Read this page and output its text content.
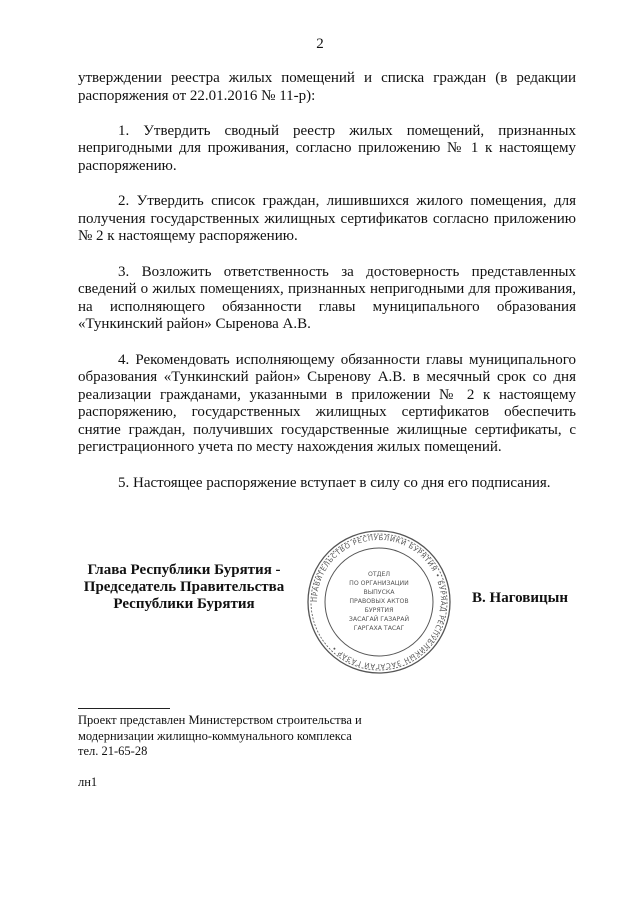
2

утверждении реестра жилых помещений и списка граждан (в редакции распоряжения от 22.01.2016 № 11-р):

1. Утвердить сводный реестр жилых помещений, признанных непригодными для проживания, согласно приложению № 1 к настоящему распоряжению.

2. Утвердить список граждан, лишившихся жилого помещения, для получения государственных жилищных сертификатов согласно приложению № 2 к настоящему распоряжению.

3. Возложить ответственность за достоверность представленных сведений о жилых помещениях, признанных непригодными для проживания, на исполняющего обязанности главы муниципального образования «Тункинский район» Сыренова А.В.

4. Рекомендовать исполняющему обязанности главы муниципального образования «Тункинский район» Сыренову А.В. в месячный срок со дня реализации гражданами, указанными в приложении № 2 к настоящему распоряжению, государственных жилищных сертификатов обеспечить снятие граждан, получивших государственные жилищные сертификаты, с регистрационного учета по месту нахождения жилых помещений.

5. Настоящее распоряжение вступает в силу со дня его подписания.

Глава Республики Бурятия -
Председатель Правительства
Республики Бурятия	В. Наговицын
ПРАВИТЕЛЬСТВО РЕСПУБЛИКИ БУРЯТИЯ • БУРЯАД РЕСПУБЛИКЫН ЗАСАГАЙ ГАЗАР •
ОТДЕЛ
ПО ОРГАНИЗАЦИИ
ВЫПУСКА
ПРАВОВЫХ АКТОВ
БУРЯТИЯ
ЗАСАГАЙ ГАЗАРАЙ
ГАРГАХА ТАСАГ
Проект представлен Министерством строительства и
модернизации жилищно-коммунального комплекса
тел. 21-65-28
лн1
